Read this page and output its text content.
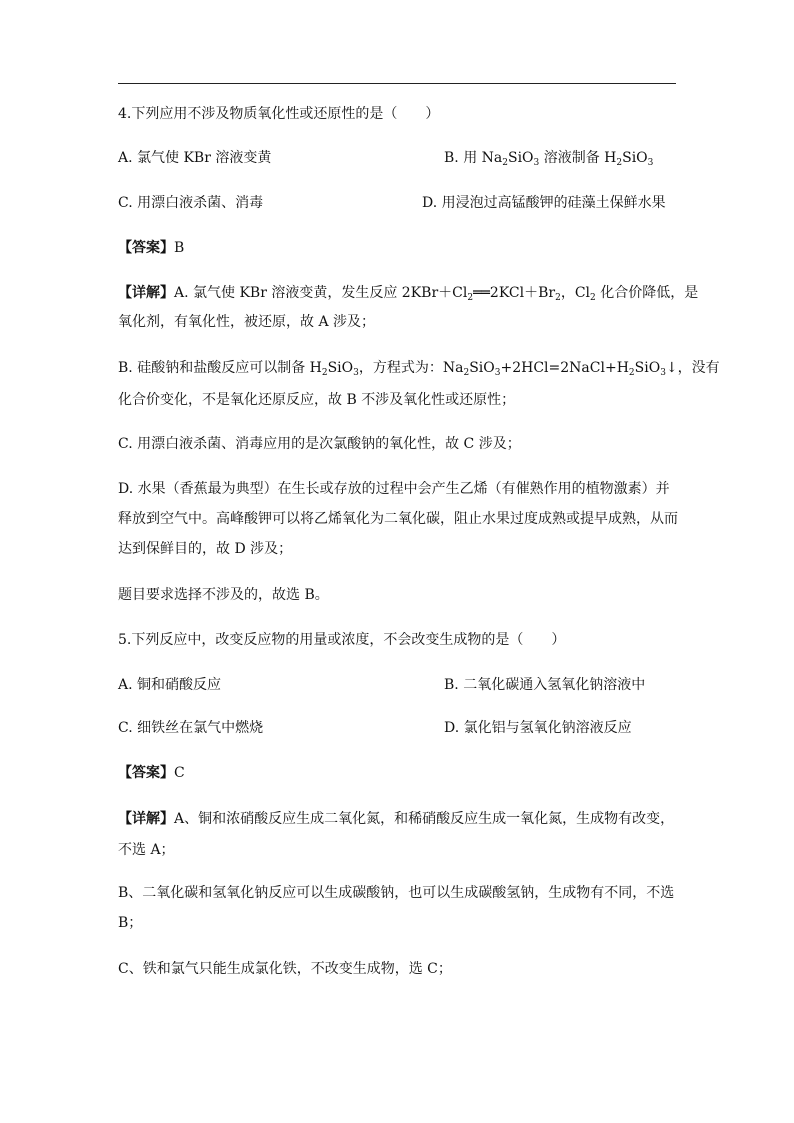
4.下列应用不涉及物质氧化性或还原性的是（　　）
A. 氯气使 KBr 溶液变黄	B. 用 $Na_2SiO_3$ 溶液制备 $H_2SiO_3$
C. 用漂白液杀菌、消毒	D. 用浸泡过高锰酸钾的硅藻土保鲜水果
【答案】B
【详解】A. 氯气使 KBr 溶液变黄，发生反应 $2KBr+Cl_2══2KCl+Br_2$，$Cl_2$ 化合价降低，是
氧化剂，有氧化性，被还原，故 A 涉及；
B. 硅酸钠和盐酸反应可以制备 $H_2SiO_3$，方程式为：$Na_2SiO_3+2HCl=2NaCl+H_2SiO_3↓$，没有
化合价变化，不是氧化还原反应，故 B 不涉及氧化性或还原性；
C. 用漂白液杀菌、消毒应用的是次氯酸钠的氧化性，故 C 涉及；
D. 水果（香蕉最为典型）在生长或存放的过程中会产生乙烯（有催熟作用的植物激素）并
释放到空气中。高峰酸钾可以将乙烯氧化为二氧化碳，阻止水果过度成熟或提早成熟，从而
达到保鲜目的，故 D 涉及；
题目要求选择不涉及的，故选 B。
5.下列反应中，改变反应物的用量或浓度，不会改变生成物的是（　　）
A. 铜和硝酸反应	B. 二氧化碳通入氢氧化钠溶液中
C. 细铁丝在氯气中燃烧	D. 氯化铝与氢氧化钠溶液反应
【答案】C
【详解】A、铜和浓硝酸反应生成二氧化氮，和稀硝酸反应生成一氧化氮，生成物有改变，
不选 A；
B、二氧化碳和氢氧化钠反应可以生成碳酸钠，也可以生成碳酸氢钠，生成物有不同，不选
B；
C、铁和氯气只能生成氯化铁，不改变生成物，选 C；
